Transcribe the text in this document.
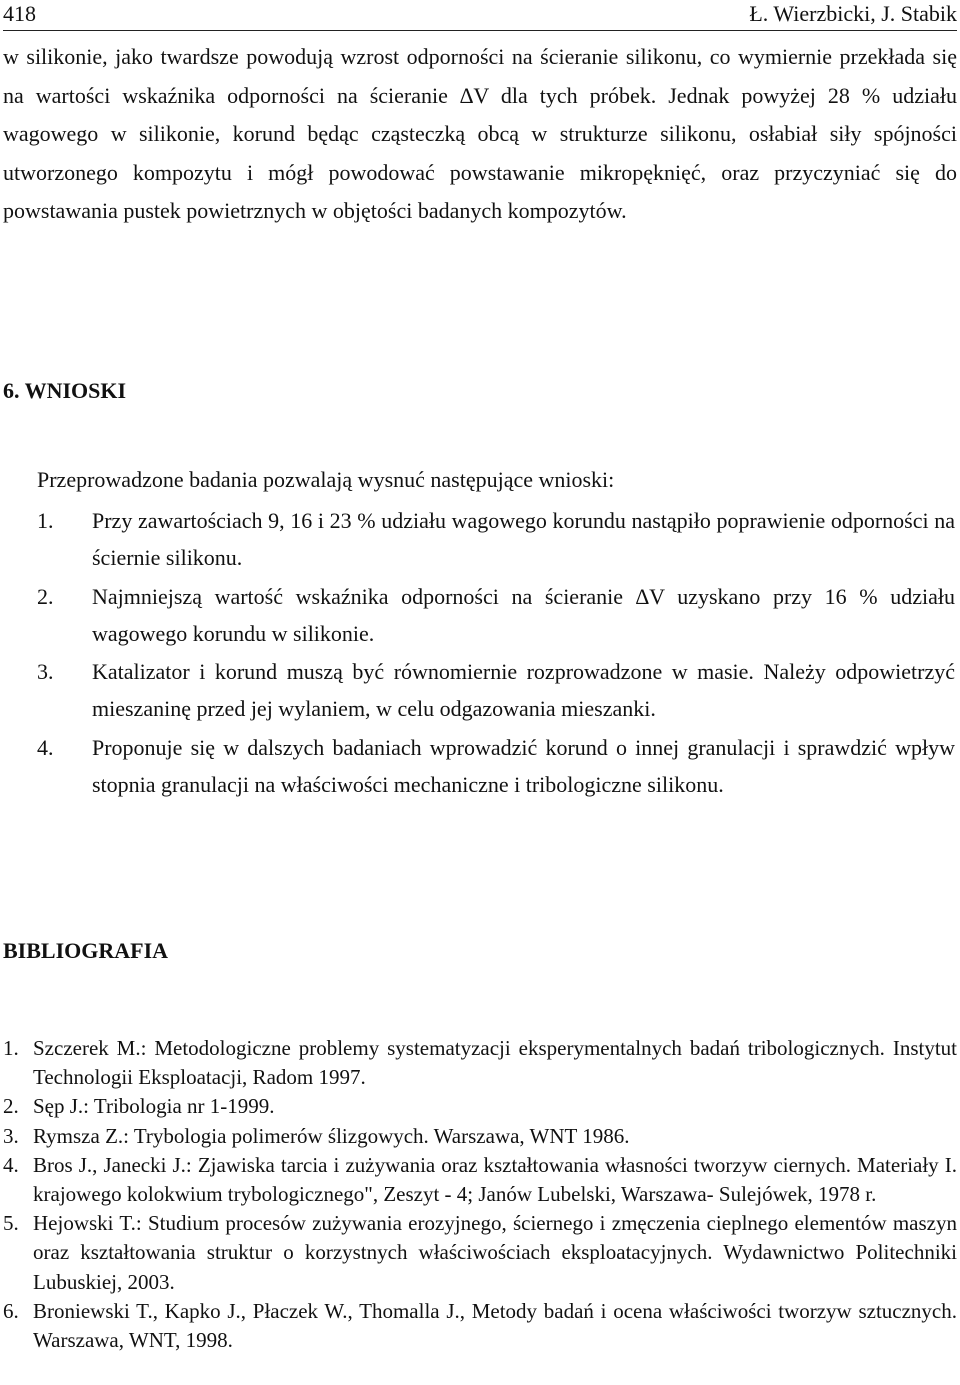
418	Ł. Wierzbicki, J. Stabik

w silikonie, jako twardsze powodują wzrost odporności na ścieranie silikonu, co wymiernie przekłada się na wartości wskaźnika odporności na ścieranie ∆V dla tych próbek. Jednak powyżej 28 % udziału wagowego w silikonie, korund będąc cząsteczką obcą w strukturze silikonu, osłabiał siły spójności utworzonego kompozytu i mógł powodować powstawanie mikropęknięć, oraz przyczyniać się do powstawania pustek powietrznych w objętości badanych kompozytów.

6. WNIOSKI

Przeprowadzone badania pozwalają wysnuć następujące wnioski:

1. Przy zawartościach 9, 16 i 23 % udziału wagowego korundu nastąpiło poprawienie odporności na ściernie silikonu.
2. Najmniejszą wartość wskaźnika odporności na ścieranie ∆V uzyskano przy 16 % udziału wagowego korundu w silikonie.
3. Katalizator i korund muszą być równomiernie rozprowadzone w masie. Należy odpowietrzyć mieszaninę przed jej wylaniem, w celu odgazowania mieszanki.
4. Proponuje się w dalszych badaniach wprowadzić korund o innej granulacji i sprawdzić wpływ stopnia granulacji na właściwości mechaniczne i tribologiczne silikonu.
BIBLIOGRAFIA
1. Szczerek M.: Metodologiczne problemy systematyzacji eksperymentalnych badań tribologicznych. Instytut Technologii Eksploatacji, Radom 1997.
2. Sęp J.: Tribologia nr 1-1999.
3. Rymsza Z.: Trybologia polimerów ślizgowych. Warszawa, WNT 1986.
4. Bros J., Janecki J.: Zjawiska tarcia i zużywania oraz kształtowania własności tworzyw ciernych. Materiały I. krajowego kolokwium trybologicznego", Zeszyt - 4; Janów Lubelski, Warszawa- Sulejówek, 1978 r.
5. Hejowski T.: Studium procesów zużywania erozyjnego, ściernego i zmęczenia cieplnego elementów maszyn oraz kształtowania struktur o korzystnych właściwościach eksploatacyjnych. Wydawnictwo Politechniki Lubuskiej, 2003.
6. Broniewski T., Kapko J., Płaczek W., Thomalla J., Metody badań i ocena właściwości tworzyw sztucznych. Warszawa, WNT, 1998.
